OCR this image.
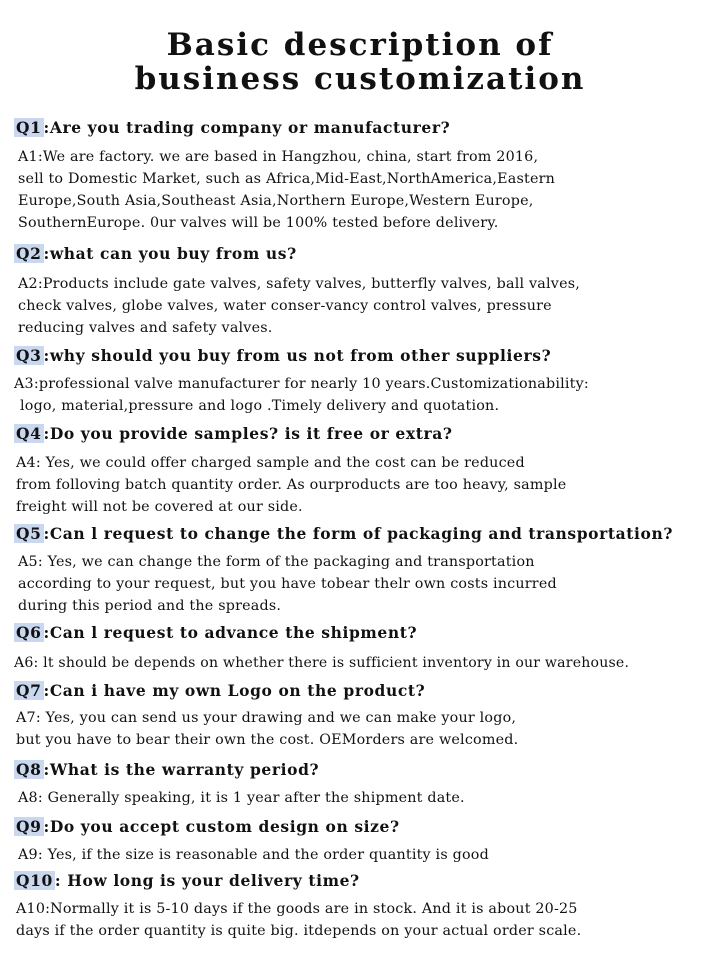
Basic description of
business customization
Q1 :Are you trading company or manufacturer?
A1:We are factory. we are based in Hangzhou, china, start from 2016,
sell to Domestic Market, such as Africa,Mid-East,NorthAmerica,Eastern
Europe,South Asia,Southeast Asia,Northern Europe,Western Europe,
SouthernEurope. 0ur valves will be 100% tested before delivery.
Q2 :what can you buy from us?
A2:Products include gate valves, safety valves, butterfly valves, ball valves,
check valves, globe valves, water conser-vancy control valves, pressure
reducing valves and safety valves.
Q3 :why should you buy from us not from other suppliers?
A3:professional valve manufacturer for nearly 10 years.Customizationability:
logo, material,pressure and logo .Timely delivery and quotation.
Q4 :Do you provide samples? is it free or extra?
A4: Yes, we could offer charged sample and the cost can be reduced
from folloving batch quantity order. As ourproducts are too heavy, sample
freight will not be covered at our side.
Q5 :Can l request to change the form of packaging and transportation?
A5: Yes, we can change the form of the packaging and transportation
according to your request, but you have tobear thelr own costs incurred
during this period and the spreads.
Q6 :Can l request to advance the shipment?
A6: lt should be depends on whether there is sufficient inventory in our warehouse.
Q7 :Can i have my own Logo on the product?
A7: Yes, you can send us your drawing and we can make your logo,
but you have to bear their own the cost. OEMorders are welcomed.
Q8 :What is the warranty period?
A8: Generally speaking, it is 1 year after the shipment date.
Q9 :Do you accept custom design on size?
A9: Yes, if the size is reasonable and the order quantity is good
Q10 : How long is your delivery time?
A10:Normally it is 5-10 days if the goods are in stock. And it is about 20-25
days if the order quantity is quite big. itdepends on your actual order scale.
